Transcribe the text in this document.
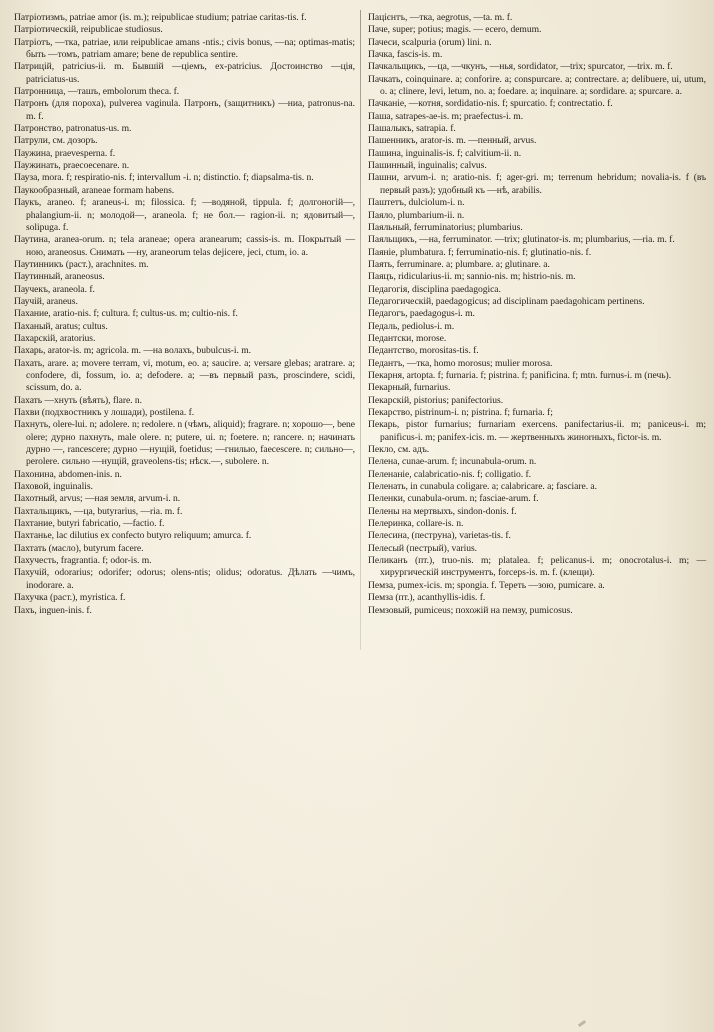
Патріотизмъ, patriae amor (is. m.); reipublicae studium; patriae caritas-tis. f.

Патріотическій, reipublicae studiosus.

Патріотъ, —тка, patriae, или reipublicae amans -ntis.; civis bonus, —na; optimas-matis; быть —томъ, patriam amare; bene de republica sentire.

Патрицій, patricius-ii. m. Бывшій —ціемъ, ex-patricius. Достоинство —ція, patriciatus-us.

Патронница, —ташъ, embolorum theca. f.

Патронъ (для пороха), pulverea vaginula. Патронъ, (защитникъ) —ниа, patronus-na. m. f.

Патронство, patronatus-us. m.

Патрули, см. дозоръ.

Паужина, praevesperna. f.

Паужинать, praecoecenare. n.

Пауза, mora. f; respiratio-nis. f; intervallum -i. n; distinctio. f; diapsalma-tis. n.

Паукообразный, araneae formam habens.

Паукъ, araneo. f; araneus-i. m; filossica. f; —водяной, tippula. f; долгоногій—, phalangium-ii. n; молодой—, araneola. f; не бол.— ragion-ii. n; ядовитый—, solipuga. f.

Паутина, aranea-orum. n; tela araneae; opera aranearum; cassis-is. m. Покрытый —ною, araneosus. Снимать —ну, araneorum telas dejicere, jeci, ctum, io. a.

Паутинникъ (раст.), arachnites. m.

Паутинный, araneosus.

Паучекъ, araneola. f.

Паучій, araneus.

Пахание, aratio-nis. f; cultura. f; cultus-us. m; cultio-nis. f.

Паханый, aratus; cultus.

Пахарскій, aratorius.

Пахарь, arator-is. m; agricola. m. —на волахъ, bubulcus-i. m.

Пахать, arare. a; movere terram, vi, motum, eo. a; saucire. a; versare glebas; aratrare. a; confodere, di, fossum, io. a; defodere. a; —въ первый разъ, proscindere, scidi, scissum, do. a.

Пахать —хнуть (вѣять), flare. n.

Пахви (подхвостникъ у лошади), postilena. f.

Пахнуть, olere-lui. n; adolere. n; redolere. n (чѣмъ, aliquid); fragrare. n; хорошо—, bene olere; дурно пахнуть, male olere. n; putere, ui. n; foetere. n; rancere. n; начинать дурно —, rancescere; дурно —нущій, foetidus; —гнилью, faecescere. n; сильно—, perolere. сильно —нущій, graveolens-tis; нѣск.—, subolere. n.

Пахонина, abdomen-inis. n.

Паховой, inguinalis.

Пахотный, arvus; —ная земля, arvum-i. n.

Пахтальщикъ, —ца, butyrarius, —ria. m. f.

Пахтание, butyri fabricatio, —factio. f.

Пахтанье, lac dilutius ex confecto butyro reliquum; amurca. f.

Пахтать (масло), butyrum facere.

Пахучесть, fragrantia. f; odor-is. m.

Пахучій, odorarius; odorifer; odorus; olens-ntis; olidus; odoratus. Дѣлать —чимъ, inodorare. a.

Пахучка (раст.), myristica. f.

Пахъ, inguen-inis. f.

Пацієнтъ, —тка, aegrotus, —ta. m. f.

Пачe, super; potius; magis. — ecero, demum.

Пачеси, scalpuria (orum) lini. n.

Пачка, fascis-is. m.

Пачкальщикъ, —ца, —чкунъ, —нья, sordidator, —trix; spurcator, —trix. m. f.

Пачкать, coinquinare. a; conforire. a; conspurcare. a; contrectare. a; delibuere, ui, utum, o. a; clinere, levi, letum, no. a; foedare. a; inquinare. a; sordidare. a; spurcare. a.

Пачканіе, —котня, sordidatio-nis. f; spurcatio. f; contrectatio. f.

Паша, satrapes-ae-is. m; praefectus-i. m.

Пашалыкъ, satrapia. f.

Пашенникъ, arator-is. m. —пенный, arvus.

Пашина, inguinalis-is. f; calvitium-ii. n.

Пашинный, inguinalis; calvus.

Пашни, arvum-i. n; aratio-nis. f; ager-gri. m; terrenum hebridum; novalia-is. f (въ первый разъ); удобный къ —нѣ, arabilis.

Паштетъ, dulciolum-i. n.

Паяло, plumbarium-ii. n.

Паяльный, ferruminatorius; plumbarius.

Паяльщикъ, —на, ferruminator. —trix; glutinator-is. m; plumbarius, —ria. m. f.

Паяніе, plumbatura. f; ferruminatio-nis. f; glutinatio-nis. f.

Паять, ferruminare. a; plumbare. a; glutinare. a.

Паяцъ, ridicularius-ii. m; sannio-nis. m; histrio-nis. m.

Педагогія, disciplina paedagogica.

Педагогическій, paedagogicus; ad disciplinam paedagohicam pertinens.

Педагогъ, paedagogus-i. m.

Педаль, pediolus-i. m.

Педантски, morose.

Педантство, morositas-tis. f.

Педантъ, —тка, homo morosus; mulier morosa.

Пекарня, artopta. f; furnaria. f; pistrina. f; panificina. f; mtn. furnus-i. m (печь).

Пекарный, furnarius.

Пекарскій, pistorius; panifectorius.

Пекарство, pistrinum-i. n; pistrina. f; furnaria. f;

Пекарь, pistor furnarius; furnariam exercens. panifectarius-ii. m; paniceus-i. m; panificus-i. m; panifex-icis. m. — жертвенныхъ жиноrныхъ, fictor-is. m.

Пекло, см. адъ.

Пелена, cunae-arum. f; incunabula-orum. n.

Пеленаніе, calabricatio-nis. f; colligatio. f.

Пеленать, in cunabula coligare. a; calabricare. a; fasciare. a.

Пеленки, cunabula-orum. n; fasciae-arum. f.

Пелены на мертвыхъ, sindon-donis. f.

Пелеринка, collare-is. n.

Пелесина, (пеструна), varietas-tis. f.

Пелесый (пестрый), varius.

Пеликанъ (пт.), truo-nis. m; platalea. f; pelicanus-i. m; onocrotalus-i. m; — хирургическій инструментъ, forceps-is. m. f. (клещи).

Пемза, pumex-icis. m; spongia. f. Тереть —зою, pumicare. a.

Пемза (пт.), acanthyllis-idis. f.

Пемзовый, pumiceus; похожій на пемзу, pumicosus.
